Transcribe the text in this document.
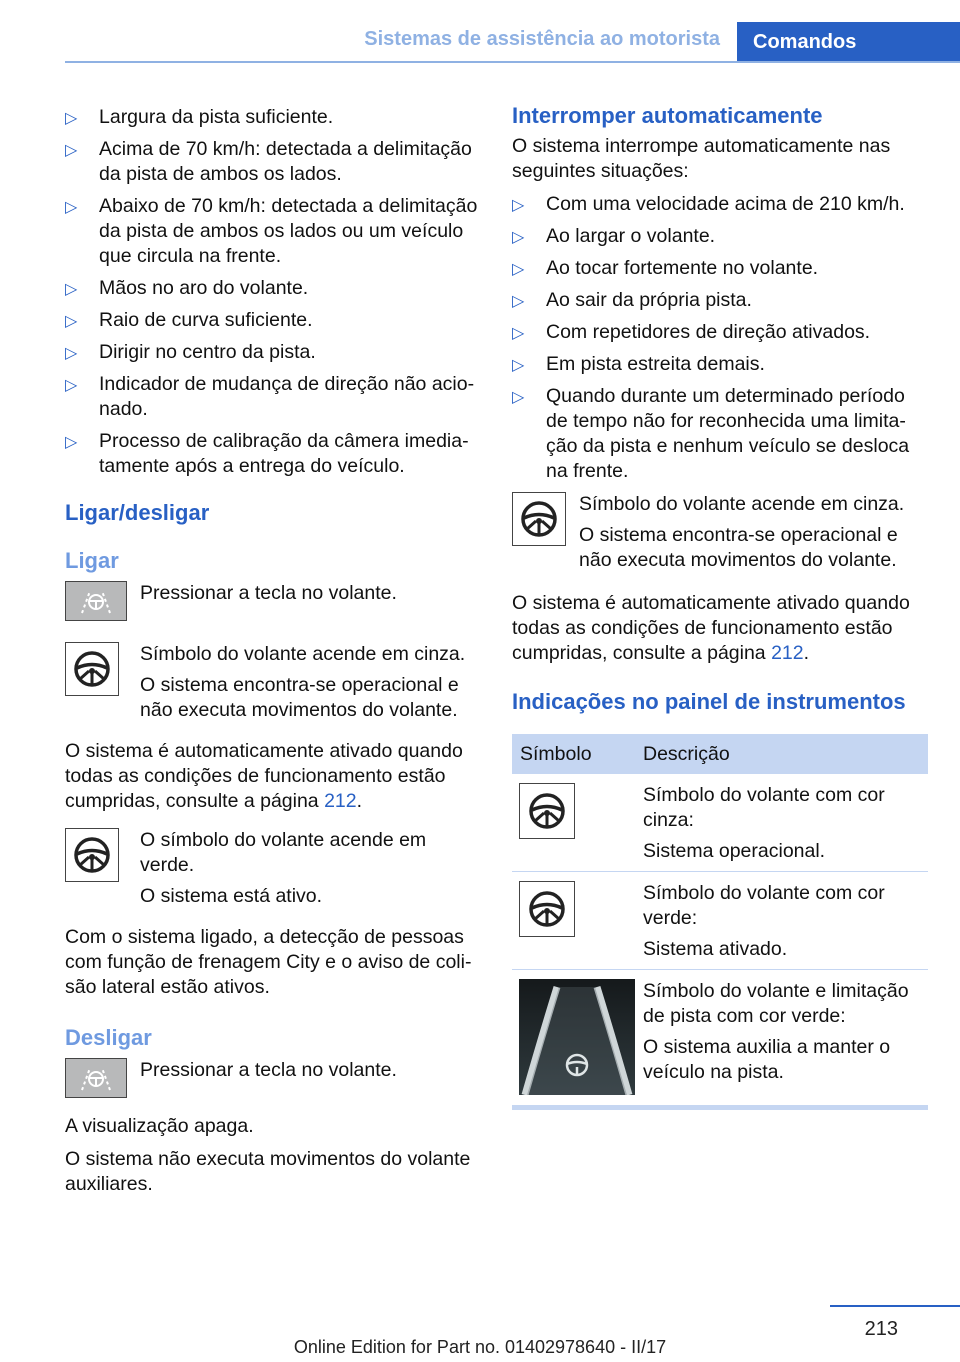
Sistemas de assistência ao motorista	Comandos
▷ Largura da pista suficiente.
▷ Acima de 70 km/h: detectada a delimitação da pista de ambos os lados.
▷ Abaixo de 70 km/h: detectada a delimitação da pista de ambos os lados ou um veículo que circula na frente.
▷ Mãos no aro do volante.
▷ Raio de curva suficiente.
▷ Dirigir no centro da pista.
▷ Indicador de mudança de direção não acionado.
▷ Processo de calibração da câmera imediatamente após a entrega do veículo.
Ligar/desligar
Ligar
Pressionar a tecla no volante.
Símbolo do volante acende em cinza.
O sistema encontra-se operacional e não executa movimentos do volante.
O sistema é automaticamente ativado quando todas as condições de funcionamento estão cumpridas, consulte a página 212.
O símbolo do volante acende em verde.
O sistema está ativo.
Com o sistema ligado, a detecção de pessoas com função de frenagem City e o aviso de colisão lateral estão ativos.
Desligar
Pressionar a tecla no volante.
A visualização apaga.
O sistema não executa movimentos do volante auxiliares.
Interromper automaticamente
O sistema interrompe automaticamente nas seguintes situações:
▷ Com uma velocidade acima de 210 km/h.
▷ Ao largar o volante.
▷ Ao tocar fortemente no volante.
▷ Ao sair da própria pista.
▷ Com repetidores de direção ativados.
▷ Em pista estreita demais.
▷ Quando durante um determinado período de tempo não for reconhecida uma limitação da pista e nenhum veículo se desloca na frente.
Símbolo do volante acende em cinza.
O sistema encontra-se operacional e não executa movimentos do volante.
O sistema é automaticamente ativado quando todas as condições de funcionamento estão cumpridas, consulte a página 212.
Indicações no painel de instrumentos
Símbolo	Descrição
Símbolo do volante com cor cinza:
Sistema operacional.
Símbolo do volante com cor verde:
Sistema ativado.
Símbolo do volante e limitação de pista com cor verde:
O sistema auxilia a manter o veículo na pista.
213
Online Edition for Part no. 01402978640 - II/17
